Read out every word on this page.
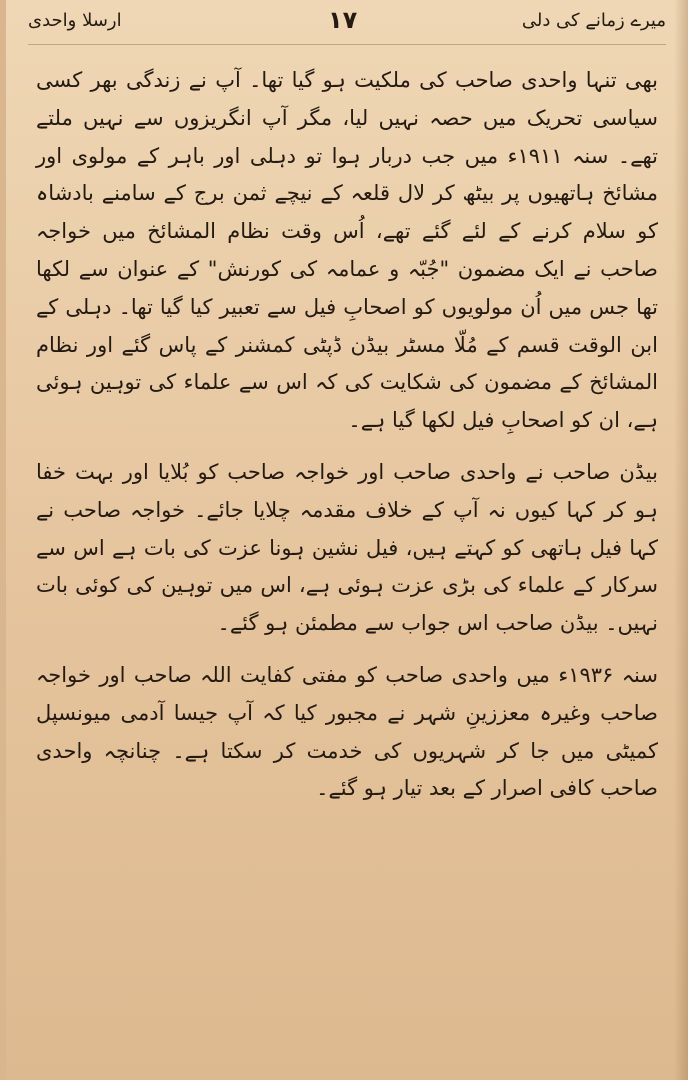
ارسلا واحدی	۱۷	میرے زمانے کی دلی

بھی تنہا واحدی صاحب کی ملکیت ہو گیا تھا۔ آپ نے زندگی بھر کسی سیاسی تحریک میں حصہ نہیں لیا، مگر آپ انگریزوں سے نہیں ملتے تھے۔ سنہ ۱۹۱۱ء میں جب دربار ہوا تو دہلی اور باہر کے مولوی اور مشائخ ہاتھیوں پر بیٹھ کر لال قلعہ کے نیچے ثمن برج کے سامنے بادشاہ کو سلام کرنے کے لئے گئے تھے، اُس وقت نظام المشائخ میں خواجہ صاحب نے ایک مضمون "جُبّہ و عمامہ کی کورنش" کے عنوان سے لکھا تھا جس میں اُن مولویوں کو اصحابِ فیل سے تعبیر کیا گیا تھا۔ دہلی کے ابن الوقت قسم کے مُلّا مسٹر بیڈن ڈپٹی کمشنر کے پاس گئے اور نظام المشائخ کے مضمون کی شکایت کی کہ اس سے علماء کی توہین ہوئی ہے، ان کو اصحابِ فیل لکھا گیا ہے۔

بیڈن صاحب نے واحدی صاحب اور خواجہ صاحب کو بُلایا اور بہت خفا ہو کر کہا کیوں نہ آپ کے خلاف مقدمہ چلایا جائے۔ خواجہ صاحب نے کہا فیل ہاتھی کو کہتے ہیں، فیل نشین ہونا عزت کی بات ہے اس سے سرکار کے علماء کی بڑی عزت ہوئی ہے، اس میں توہین کی کوئی بات نہیں۔ بیڈن صاحب اس جواب سے مطمئن ہو گئے۔

سنہ ۱۹۳۶ء میں واحدی صاحب کو مفتی کفایت اللہ صاحب اور خواجہ صاحب وغیرہ معززینِ شہر نے مجبور کیا کہ آپ جیسا آدمی میونسپل کمیٹی میں جا کر شہریوں کی خدمت کر سکتا ہے۔ چنانچہ واحدی صاحب کافی اصرار کے بعد تیار ہو گئے۔
